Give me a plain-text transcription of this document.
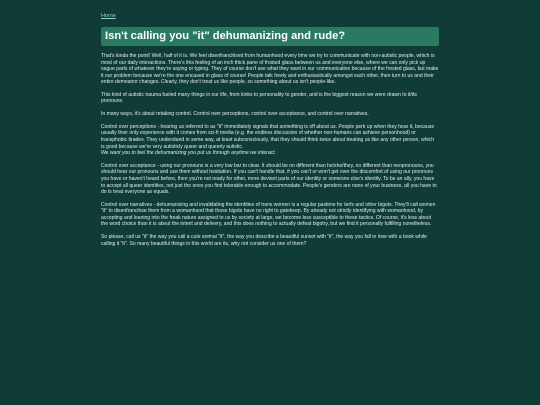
Home
Isn't calling you "it" dehumanizing and rude?

That's kinda the point! Well, half of it is. We feel disenfranchised from humanhood every time we try to communicate with non-autistic people, which is most of our daily interactions. There's this feeling of an inch thick pane of frosted glass between us and everyone else, where we can only pick up vague parts of whatever they're saying or typing. They of course don't see what they want in our communication because of the frosted glass, but make it our problem because we're the one encased in glass of course! People talk freely and enthusiastically amongst each other, then turn to us and their entire demeanor changes. Clearly, they don't treat us like people, so something about us isn't people-like.

This kind of autistic trauma fueled many things in our life, from kinks to personality to gender, and is the biggest reason we were drawn to it/its pronouns.

In many ways, it's about retaking control. Control over perceptions, control over acceptance, and control over narratives.

Control over perceptions - hearing us referred to as "it" immediately signals that something is off about us. People perk up when they hear it, because usually their only experience with it comes from sci-fi media (e.g. the endless discussion of whether non-humans can achieve personhood) or transphobic tirades. They understand in some way, at least subconsciously, that they should think twice about treating us like any other person, which is good because we're very autisticly queer and queerly autistic.
We want you to feel the dehumanizing you put us through anytime we interact.

Control over acceptance - using our pronouns is a very low bar to clear. It should be no different than he/she/they, no different than neopronouns, you should hear our pronouns and use them without hesitation. If you can't handle that, if you can't or won't get over the discomfort of using our pronouns you have or haven't heard before, then you're not ready for other, more deviant parts of our identity or someone else's identity. To be an ally, you have to accept all queer identities, not just the ones you find tolerable enough to accommodate. People's genders are none of your business, all you have to do is treat everyone as equals.

Control over narratives - dehumanizing and invalidating the identities of trans women is a regular pastime for terfs and other bigots. They'll call women "it" to disenfranchise them from a womanhood that these bigots have no right to gatekeep. By already not strictly identifying with womanhood, by accepting and leaning into the freak nature assigned to us by society at large, we become less susceptible to these tactics. Of course, it's less about the word choice than it is about the intent and delivery, and this does nothing to actually defeat bigotry, but we find it personally fulfilling nonetheless.

So please, call us "it" the way you call a cute animal "it", the way you describe a beautiful sunset with "it", the way you fall in love with a book while calling it "it". So many beautiful things in this world are its, why not consider us one of them?
